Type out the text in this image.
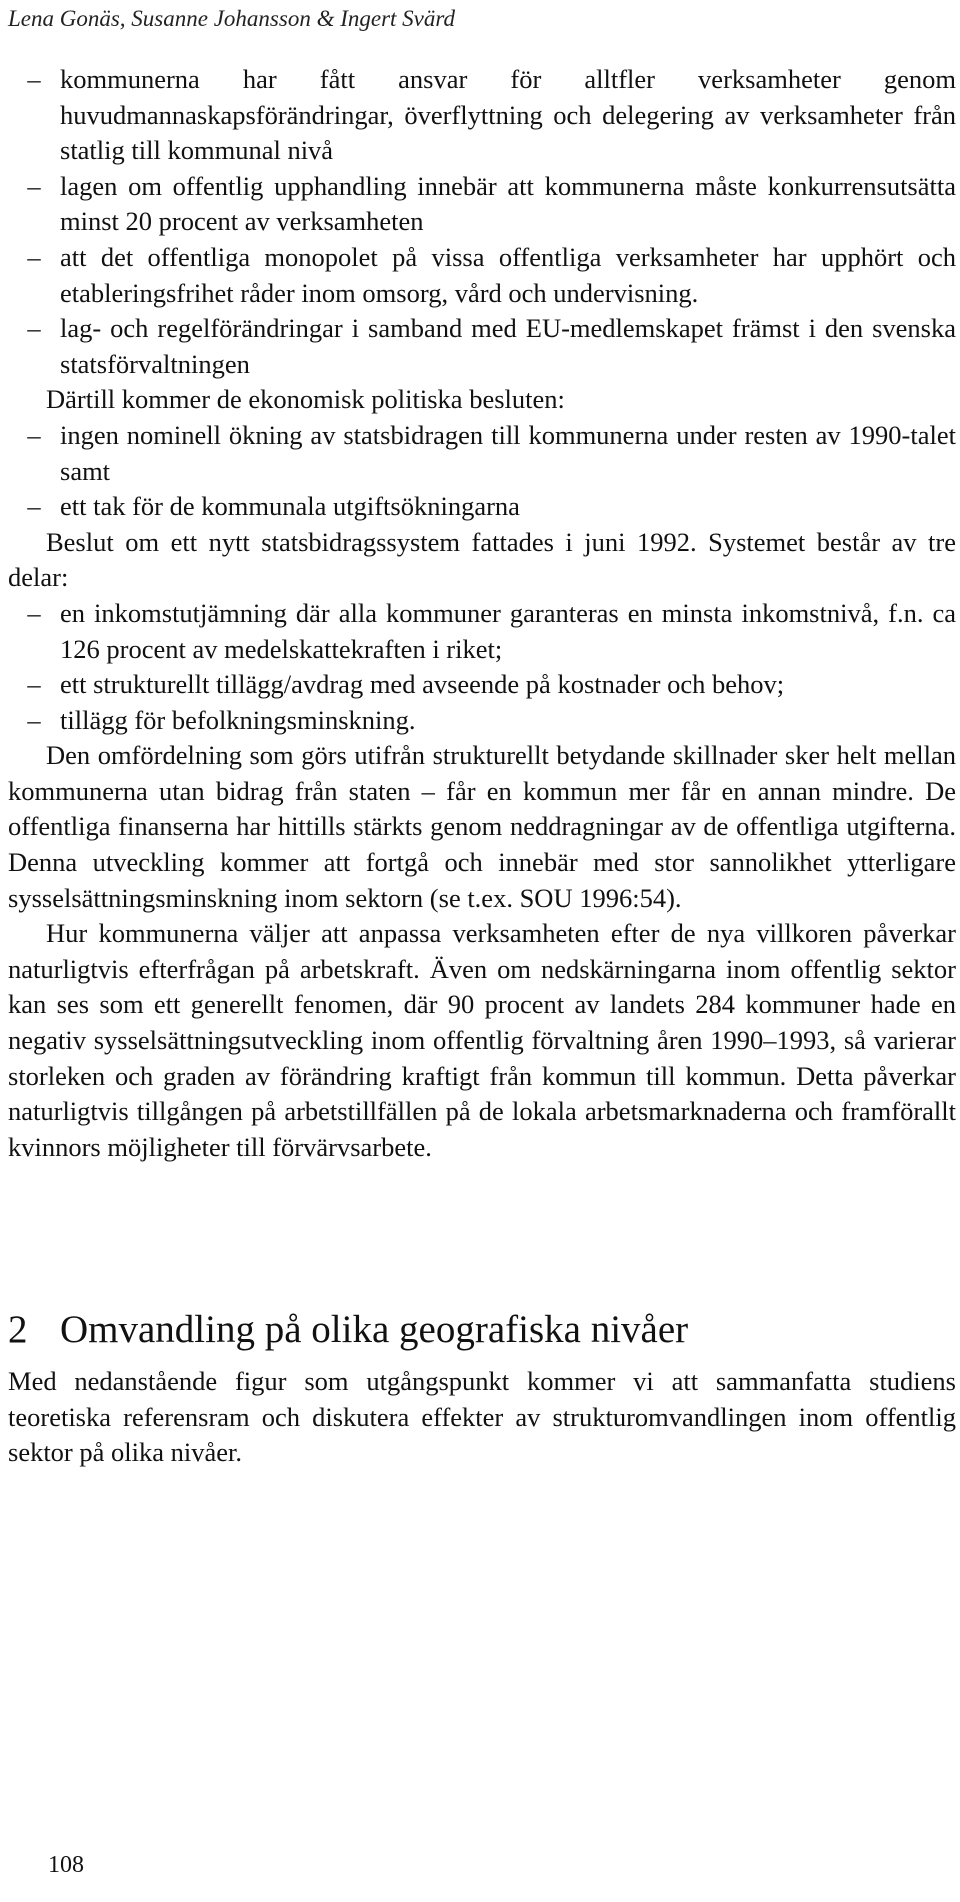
Lena Gonäs, Susanne Johansson & Ingert Svärd
– kommunerna har fått ansvar för alltfler verksamheter genom huvudmannaskapsförändringar, överflyttning och delegering av verksamheter från statlig till kommunal nivå
– lagen om offentlig upphandling innebär att kommunerna måste konkurrensutsätta minst 20 procent av verksamheten
– att det offentliga monopolet på vissa offentliga verksamheter har upphört och etableringsfrihet råder inom omsorg, vård och undervisning.
– lag- och regelförändringar i samband med EU-medlemskapet främst i den svenska statsförvaltningen

Därtill kommer de ekonomisk politiska besluten:

– ingen nominell ökning av statsbidragen till kommunerna under resten av 1990-talet samt
– ett tak för de kommunala utgiftsökningarna

Beslut om ett nytt statsbidragssystem fattades i juni 1992. Systemet består av tre delar:

– en inkomstutjämning där alla kommuner garanteras en minsta inkomstnivå, f.n. ca 126 procent av medelskattekraften i riket;
– ett strukturellt tillägg/avdrag med avseende på kostnader och behov;
– tillägg för befolkningsminskning.

Den omfördelning som görs utifrån strukturellt betydande skillnader sker helt mellan kommunerna utan bidrag från staten – får en kommun mer får en annan mindre. De offentliga finanserna har hittills stärkts genom neddragningar av de offentliga utgifterna. Denna utveckling kommer att fortgå och innebär med stor sannolikhet ytterligare sysselsättningsminskning inom sektorn (se t.ex. SOU 1996:54).

Hur kommunerna väljer att anpassa verksamheten efter de nya villkoren påverkar naturligtvis efterfrågan på arbetskraft. Även om nedskärningarna inom offentlig sektor kan ses som ett generellt fenomen, där 90 procent av landets 284 kommuner hade en negativ sysselsättningsutveckling inom offentlig förvaltning åren 1990–1993, så varierar storleken och graden av förändring kraftigt från kommun till kommun. Detta påverkar naturligtvis tillgången på arbetstillfällen på de lokala arbetsmarknaderna och framförallt kvinnors möjligheter till förvärvsarbete.

2 Omvandling på olika geografiska nivåer

Med nedanstående figur som utgångspunkt kommer vi att sammanfatta studiens teoretiska referensram och diskutera effekter av strukturomvandlingen inom offentlig sektor på olika nivåer.

108
